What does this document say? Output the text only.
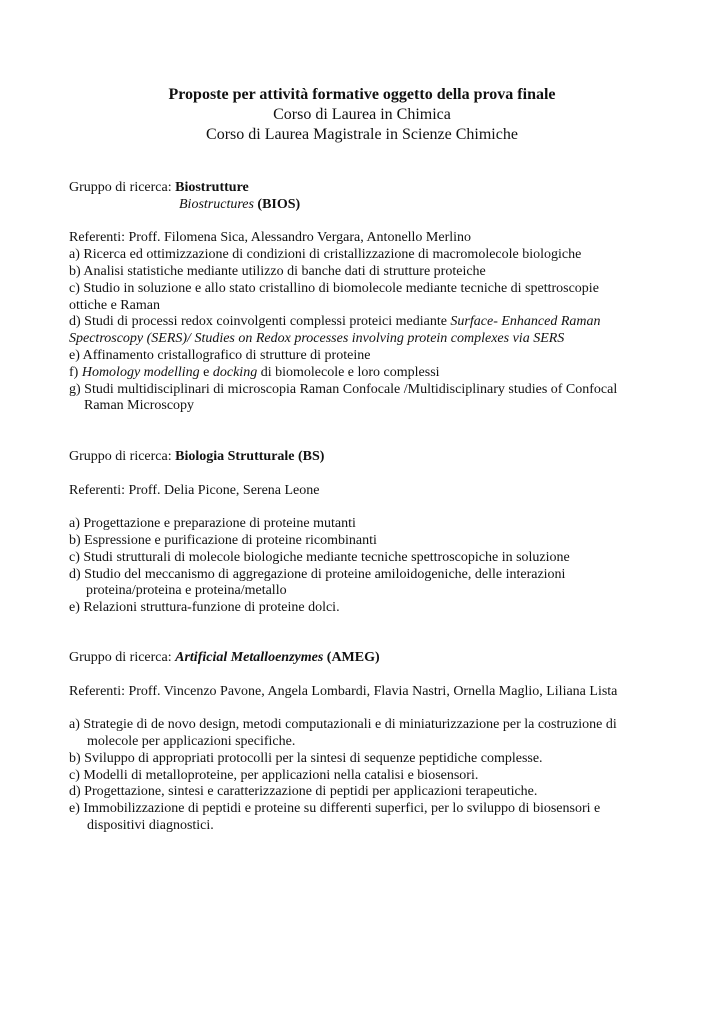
Proposte per attività formative oggetto della prova finale
Corso di Laurea in Chimica
Corso di Laurea Magistrale in Scienze Chimiche
Gruppo di ricerca: Biostrutture
Biostructures (BIOS)
Referenti: Proff. Filomena Sica, Alessandro Vergara, Antonello Merlino
a) Ricerca ed ottimizzazione di condizioni di cristallizzazione di macromolecole biologiche
b) Analisi statistiche mediante utilizzo di banche dati di strutture proteiche
c) Studio in soluzione e allo stato cristallino di biomolecole mediante tecniche di spettroscopie
ottiche e Raman
d) Studi di processi redox coinvolgenti complessi proteici mediante Surface- Enhanced Raman
Spectroscopy (SERS)/ Studies on Redox processes involving protein complexes via SERS
e) Affinamento cristallografico di strutture di proteine
f) Homology modelling e docking di biomolecole e loro complessi
g) Studi multidisciplinari di microscopia Raman Confocale /Multidisciplinary studies of Confocal
Raman Microscopy
Gruppo di ricerca: Biologia Strutturale (BS)
Referenti: Proff. Delia Picone, Serena Leone
a) Progettazione e preparazione di proteine mutanti
b) Espressione e purificazione di proteine ricombinanti
c) Studi strutturali di molecole biologiche mediante tecniche spettroscopiche in soluzione
d) Studio del meccanismo di aggregazione di proteine amiloidogeniche, delle interazioni
proteina/proteina e proteina/metallo
e) Relazioni struttura-funzione di proteine dolci.
Gruppo di ricerca: Artificial Metalloenzymes (AMEG)
Referenti: Proff. Vincenzo Pavone, Angela Lombardi, Flavia Nastri, Ornella Maglio, Liliana Lista
a) Strategie di de novo design, metodi computazionali e di miniaturizzazione per la costruzione di
molecole per applicazioni specifiche.
b) Sviluppo di appropriati protocolli per la sintesi di sequenze peptidiche complesse.
c) Modelli di metalloproteine, per applicazioni nella catalisi e biosensori.
d) Progettazione, sintesi e caratterizzazione di peptidi per applicazioni terapeutiche.
e) Immobilizzazione di peptidi e proteine su differenti superfici, per lo sviluppo di biosensori e
dispositivi diagnostici.
